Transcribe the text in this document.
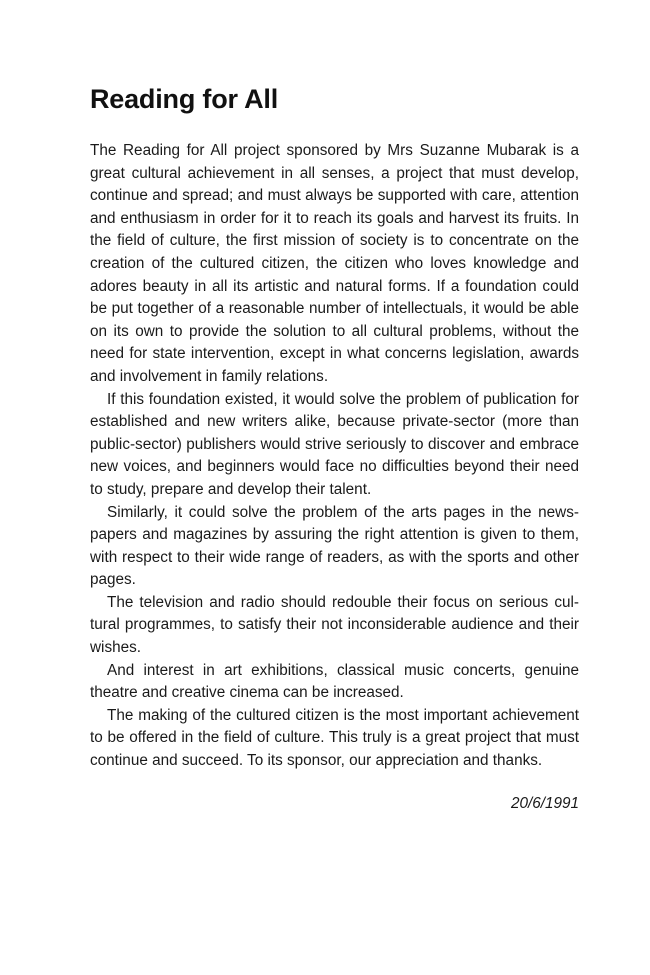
Reading for All

The Reading for All project sponsored by Mrs Suzanne Mubarak is a great cultural achievement in all senses, a project that must develop, continue and spread; and must always be supported with care, attention and enthusiasm in order for it to reach its goals and harvest its fruits. In the field of culture, the first mission of society is to concentrate on the creation of the cultured citizen, the citizen who loves knowledge and adores beauty in all its artistic and natural forms. If a foundation could be put together of a reasonable number of intellectuals, it would be able on its own to provide the solution to all cultural problems, without the need for state intervention, except in what concerns legislation, awards and involvement in family relations.

If this foundation existed, it would solve the problem of publication for established and new writers alike, because private-sector (more than public-sector) publishers would strive seriously to discover and embrace new voices, and beginners would face no difficulties beyond their need to study, prepare and develop their talent.

Similarly, it could solve the problem of the arts pages in the newspapers and magazines by assuring the right attention is given to them, with respect to their wide range of readers, as with the sports and other pages.

The television and radio should redouble their focus on serious cultural programmes, to satisfy their not inconsiderable audience and their wishes.

And interest in art exhibitions, classical music concerts, genuine theatre and creative cinema can be increased.

The making of the cultured citizen is the most important achievement to be offered in the field of culture. This truly is a great project that must continue and succeed. To its sponsor, our appreciation and thanks.

20/6/1991
